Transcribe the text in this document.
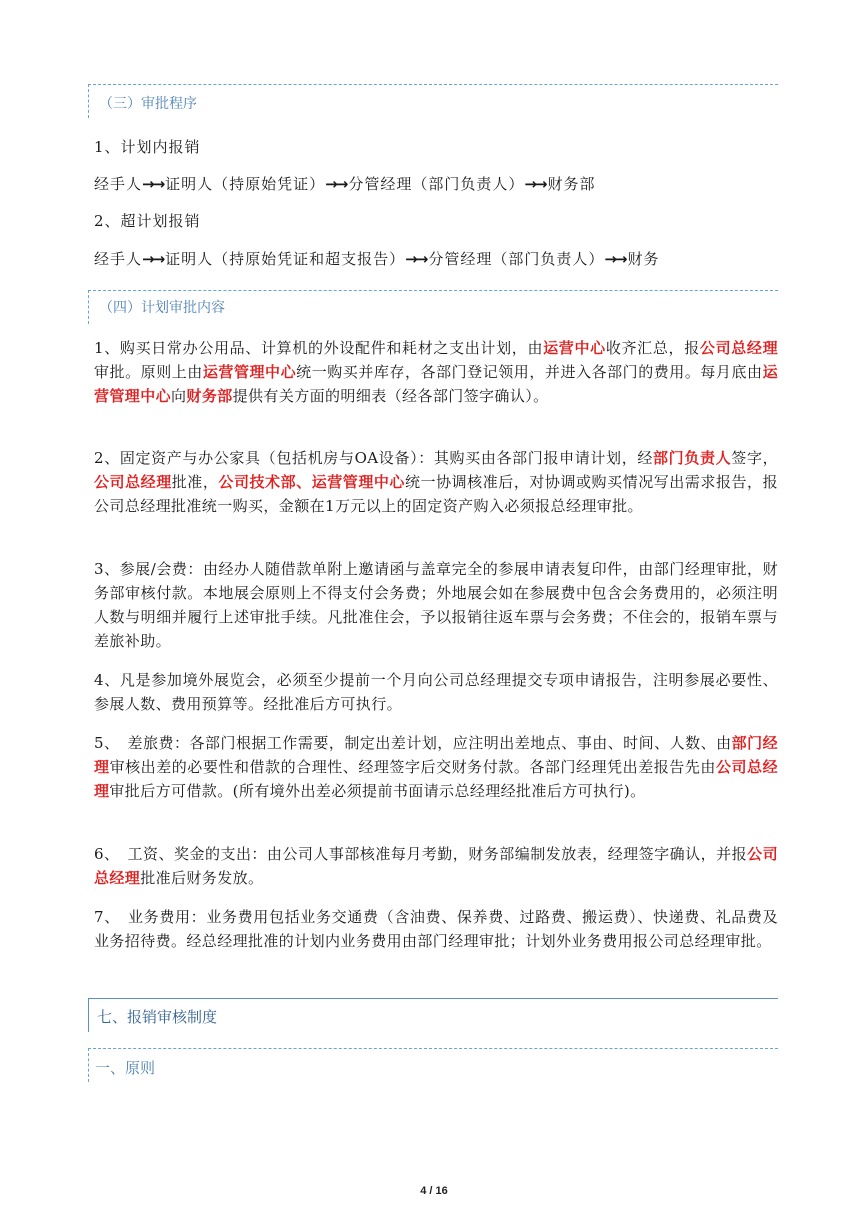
（三）审批程序
1、计划内报销
经手人→→ 证明人（持原始凭证）→→ 分管经理（部门负责人）→→ 财务部
2、超计划报销
经手人→→ 证明人（持原始凭证和超支报告）→→ 分管经理（部门负责人）→→ 财务
（四）计划审批内容
1、购买日常办公用品、计算机的外设配件和耗材之支出计划，由运营中心收齐汇总，报公司总经理审批。原则上由运营管理中心统一购买并库存，各部门登记领用，并进入各部门的费用。每月底由运营管理中心向财务部提供有关方面的明细表（经各部门签字确认）。
2、固定资产与办公家具（包括机房与OA设备）：其购买由各部门报申请计划，经部门负责人签字，公司总经理批准，公司技术部、运营管理中心统一协调核准后，对协调或购买情况写出需求报告，报公司总经理批准统一购买，金额在1万元以上的固定资产购入必须报总经理审批。
3、参展/会费：由经办人随借款单附上邀请函与盖章完全的参展申请表复印件，由部门经理审批，财务部审核付款。本地展会原则上不得支付会务费；外地展会如在参展费中包含会务费用的，必须注明人数与明细并履行上述审批手续。凡批准住会，予以报销往返车票与会务费；不住会的，报销车票与差旅补助。
4、凡是参加境外展览会，必须至少提前一个月向公司总经理提交专项申请报告，注明参展必要性、参展人数、费用预算等。经批准后方可执行。
5、　差旅费：各部门根据工作需要，制定出差计划，应注明出差地点、事由、时间、人数、由部门经理审核出差的必要性和借款的合理性、经理签字后交财务付款。各部门经理凭出差报告先由公司总经理审批后方可借款。(所有境外出差必须提前书面请示总经理经批准后方可执行)。
6、　工资、奖金的支出：由公司人事部核准每月考勤，财务部编制发放表，经理签字确认，并报公司总经理批准后财务发放。
7、　业务费用：业务费用包括业务交通费（含油费、保养费、过路费、搬运费）、快递费、礼品费及业务招待费。经总经理批准的计划内业务费用由部门经理审批；计划外业务费用报公司总经理审批。
七、报销审核制度
一、原则
4 / 16
